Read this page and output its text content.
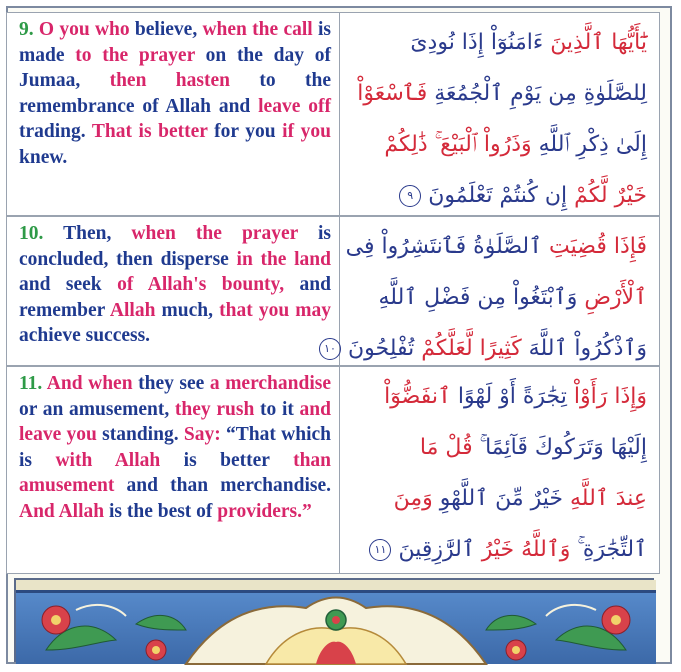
9. O you who believe, when the call is made to the prayer on the day of Jumaa, then hasten to the remembrance of Allah and leave off trading. That is better for you if you knew.
يَٰٓأَيُّهَا ٱلَّذِينَ ءَامَنُوٓاْ إِذَا نُودِىَ
لِلصَّلَوٰةِ مِن يَوْمِ ٱلْجُمُعَةِ فَٱسْعَوْاْ
إِلَىٰ ذِكْرِ ٱللَّهِ وَذَرُواْ ٱلْبَيْعَ ۚ ذَٰلِكُمْ
خَيْرٌ لَّكُمْ إِن كُنتُمْ تَعْلَمُونَ ٩
10. Then, when the prayer is concluded, then disperse in the land and seek of Allah's bounty, and remember Allah much, that you may achieve success.
فَإِذَا قُضِيَتِ ٱلصَّلَوٰةُ فَٱنتَشِرُواْ فِى
ٱلْأَرْضِ وَٱبْتَغُواْ مِن فَضْلِ ٱللَّهِ
وَٱذْكُرُواْ ٱللَّهَ كَثِيرًا لَّعَلَّكُمْ تُفْلِحُونَ ١٠
11. And when they see a merchandise or an amusement, they rush to it and leave you standing. Say: “That which is with Allah is better than amusement and than merchandise. And Allah is the best of providers.”
وَإِذَا رَأَوْاْ تِجَٰرَةً أَوْ لَهْوًا ٱنفَضُّوٓاْ
إِلَيْهَا وَتَرَكُوكَ قَآئِمًا ۚ قُلْ مَا
عِندَ ٱللَّهِ خَيْرٌ مِّنَ ٱللَّهْوِ وَمِنَ
ٱلتِّجَٰرَةِ ۚ وَٱللَّهُ خَيْرُ ٱلرَّٰزِقِينَ ١١
